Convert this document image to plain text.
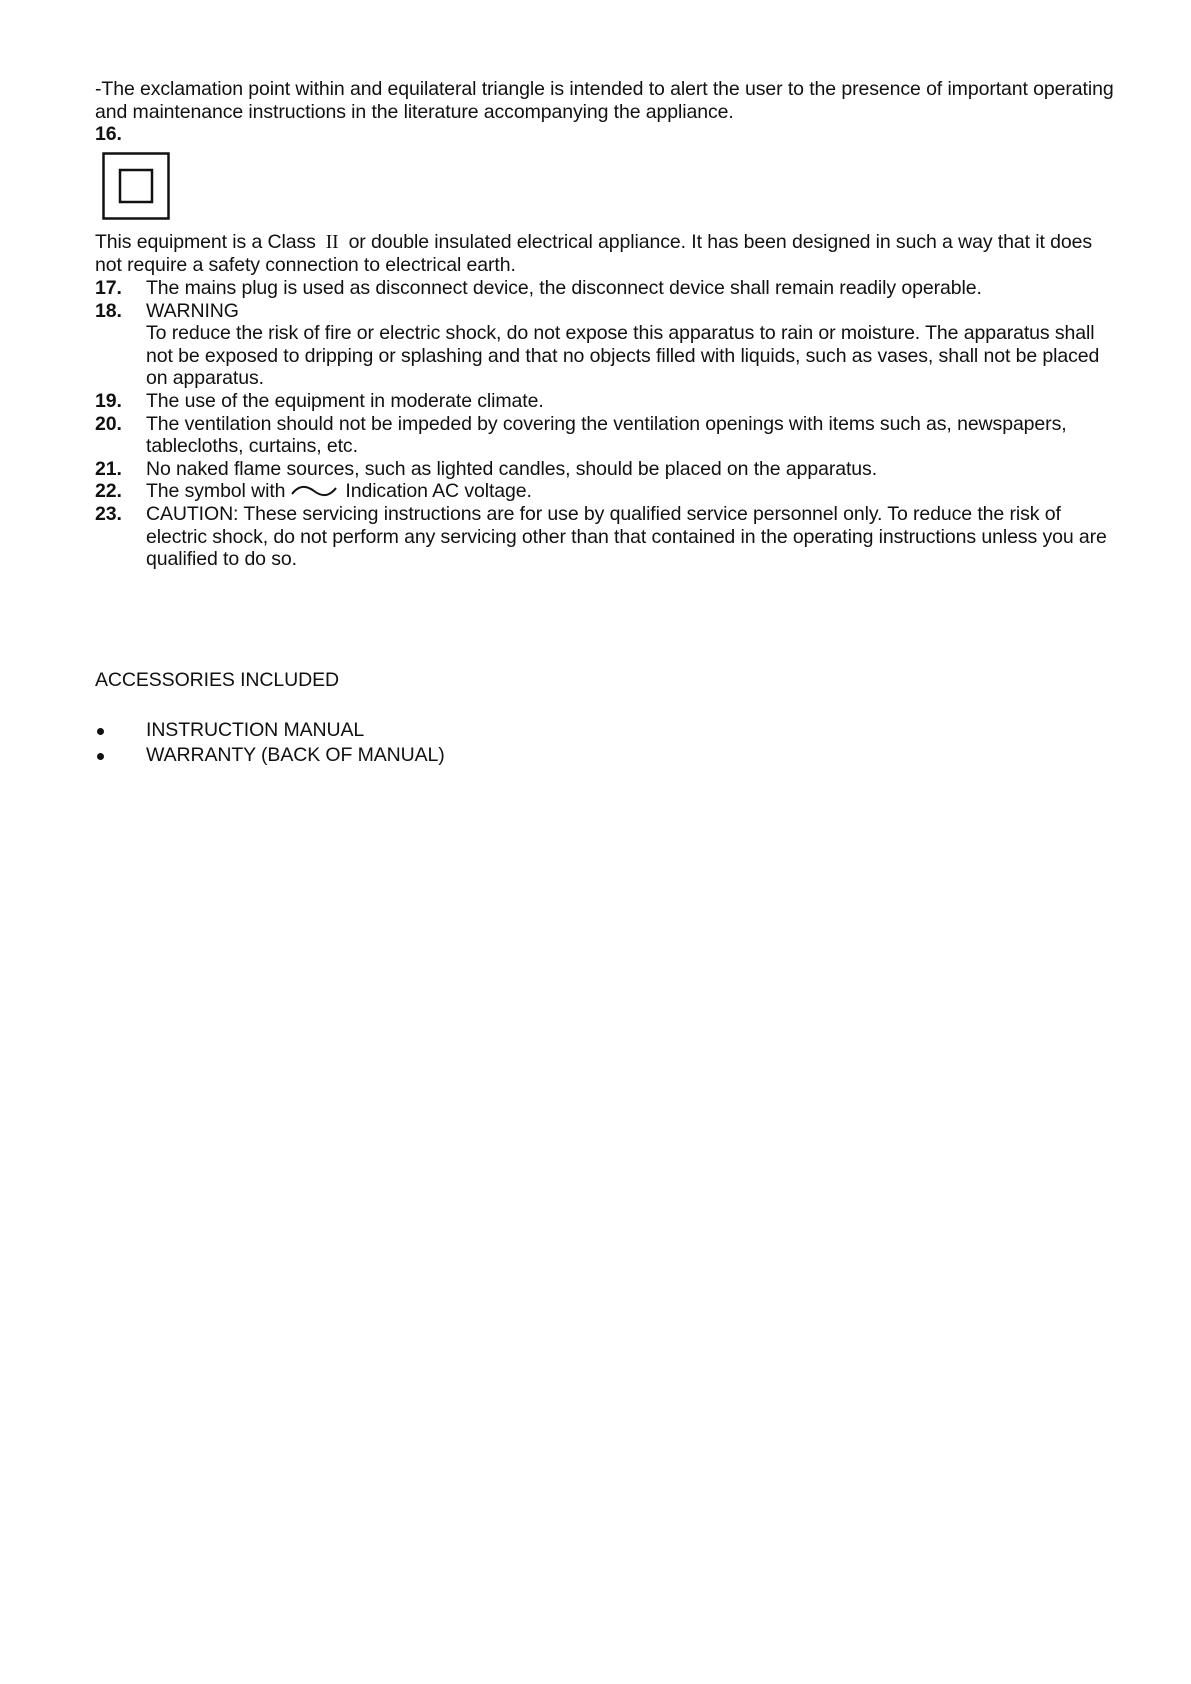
-The exclamation point within and equilateral triangle is intended to alert the user to the presence of important operating and maintenance instructions in the literature accompanying the appliance.

16.

This equipment is a Class II or double insulated electrical appliance. It has been designed in such a way that it does not require a safety connection to electrical earth.

17.	The mains plug is used as disconnect device, the disconnect device shall remain readily operable.
18.	WARNING
To reduce the risk of fire or electric shock, do not expose this apparatus to rain or moisture. The apparatus shall not be exposed to dripping or splashing and that no objects filled with liquids, such as vases, shall not be placed on apparatus.
19.	The use of the equipment in moderate climate.
20.	The ventilation should not be impeded by covering the ventilation openings with items such as, newspapers, tablecloths, curtains, etc.
21.	No naked flame sources, such as lighted candles, should be placed on the apparatus.
22.	The symbol with	Indication AC voltage.
23.	CAUTION: These servicing instructions are for use by qualified service personnel only. To reduce the risk of electric shock, do not perform any servicing other than that contained in the operating instructions unless you are qualified to do so.
ACCESSORIES INCLUDED
INSTRUCTION MANUAL
WARRANTY (BACK OF MANUAL)
